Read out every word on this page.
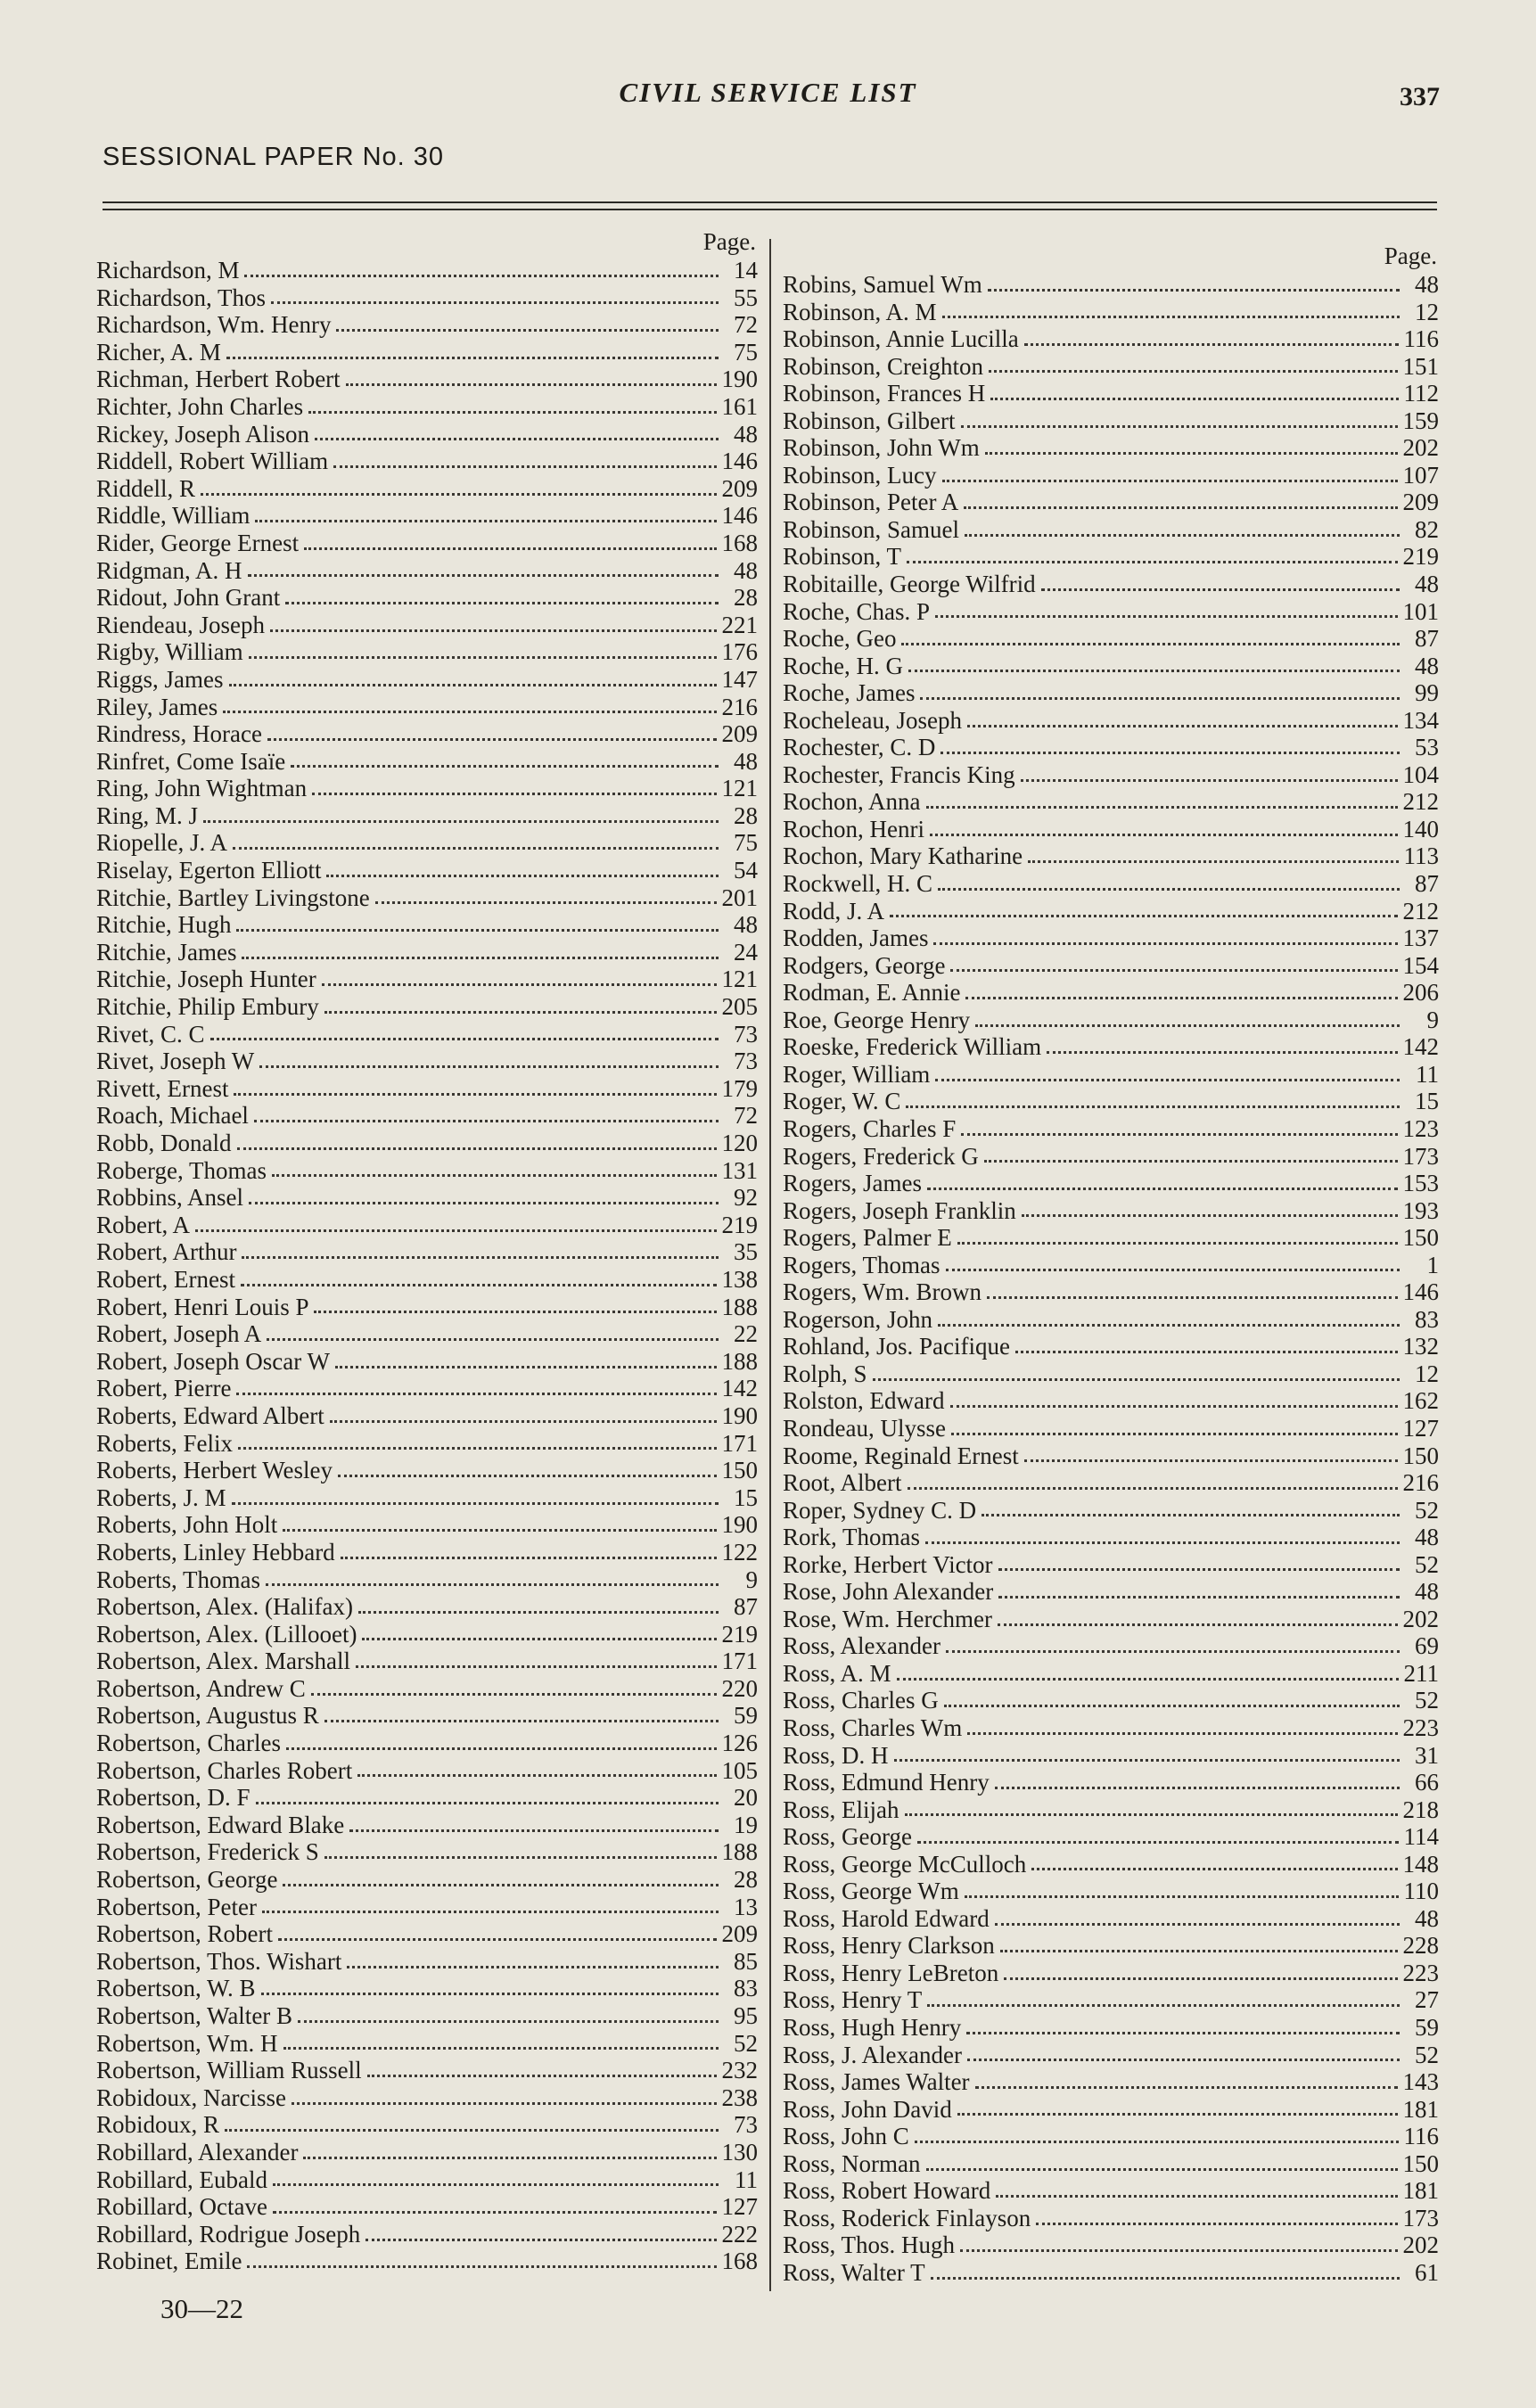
CIVIL SERVICE LIST	337
SESSIONAL PAPER No. 30
Page.
Richardson, M	14
Richardson, Thos	55
Richardson, Wm. Henry	72
Richer, A. M	75
Richman, Herbert Robert	190
Richter, John Charles	161
Rickey, Joseph Alison	48
Riddell, Robert William	146
Riddell, R	209
Riddle, William	146
Rider, George Ernest	168
Ridgman, A. H	48
Ridout, John Grant	28
Riendeau, Joseph	221
Rigby, William	176
Riggs, James	147
Riley, James	216
Rindress, Horace	209
Rinfret, Come Isaïe	48
Ring, John Wightman	121
Ring, M. J	28
Riopelle, J. A	75
Riselay, Egerton Elliott	54
Ritchie, Bartley Livingstone	201
Ritchie, Hugh	48
Ritchie, James	24
Ritchie, Joseph Hunter	121
Ritchie, Philip Embury	205
Rivet, C. C	73
Rivet, Joseph W	73
Rivett, Ernest	179
Roach, Michael	72
Robb, Donald	120
Roberge, Thomas	131
Robbins, Ansel	92
Robert, A	219
Robert, Arthur	35
Robert, Ernest	138
Robert, Henri Louis P	188
Robert, Joseph A	22
Robert, Joseph Oscar W	188
Robert, Pierre	142
Roberts, Edward Albert	190
Roberts, Felix	171
Roberts, Herbert Wesley	150
Roberts, J. M	15
Roberts, John Holt	190
Roberts, Linley Hebbard	122
Roberts, Thomas	9
Robertson, Alex. (Halifax)	87
Robertson, Alex. (Lillooet)	219
Robertson, Alex. Marshall	171
Robertson, Andrew C	220
Robertson, Augustus R	59
Robertson, Charles	126
Robertson, Charles Robert	105
Robertson, D. F	20
Robertson, Edward Blake	19
Robertson, Frederick S	188
Robertson, George	28
Robertson, Peter	13
Robertson, Robert	209
Robertson, Thos. Wishart	85
Robertson, W. B	83
Robertson, Walter B	95
Robertson, Wm. H	52
Robertson, William Russell	232
Robidoux, Narcisse	238
Robidoux, R	73
Robillard, Alexander	130
Robillard, Eubald	11
Robillard, Octave	127
Robillard, Rodrigue Joseph	222
Robinet, Emile	168
Page.
Robins, Samuel Wm	48
Robinson, A. M	12
Robinson, Annie Lucilla	116
Robinson, Creighton	151
Robinson, Frances H	112
Robinson, Gilbert	159
Robinson, John Wm	202
Robinson, Lucy	107
Robinson, Peter A	209
Robinson, Samuel	82
Robinson, T	219
Robitaille, George Wilfrid	48
Roche, Chas. P	101
Roche, Geo	87
Roche, H. G	48
Roche, James	99
Rocheleau, Joseph	134
Rochester, C. D	53
Rochester, Francis King	104
Rochon, Anna	212
Rochon, Henri	140
Rochon, Mary Katharine	113
Rockwell, H. C	87
Rodd, J. A	212
Rodden, James	137
Rodgers, George	154
Rodman, E. Annie	206
Roe, George Henry	9
Roeske, Frederick William	142
Roger, William	11
Roger, W. C	15
Rogers, Charles F	123
Rogers, Frederick G	173
Rogers, James	153
Rogers, Joseph Franklin	193
Rogers, Palmer E	150
Rogers, Thomas	1
Rogers, Wm. Brown	146
Rogerson, John	83
Rohland, Jos. Pacifique	132
Rolph, S	12
Rolston, Edward	162
Rondeau, Ulysse	127
Roome, Reginald Ernest	150
Root, Albert	216
Roper, Sydney C. D	52
Rork, Thomas	48
Rorke, Herbert Victor	52
Rose, John Alexander	48
Rose, Wm. Herchmer	202
Ross, Alexander	69
Ross, A. M	211
Ross, Charles G	52
Ross, Charles Wm	223
Ross, D. H	31
Ross, Edmund Henry	66
Ross, Elijah	218
Ross, George	114
Ross, George McCulloch	148
Ross, George Wm	110
Ross, Harold Edward	48
Ross, Henry Clarkson	228
Ross, Henry LeBreton	223
Ross, Henry T	27
Ross, Hugh Henry	59
Ross, J. Alexander	52
Ross, James Walter	143
Ross, John David	181
Ross, John C	116
Ross, Norman	150
Ross, Robert Howard	181
Ross, Roderick Finlayson	173
Ross, Thos. Hugh	202
Ross, Walter T	61
30—22
